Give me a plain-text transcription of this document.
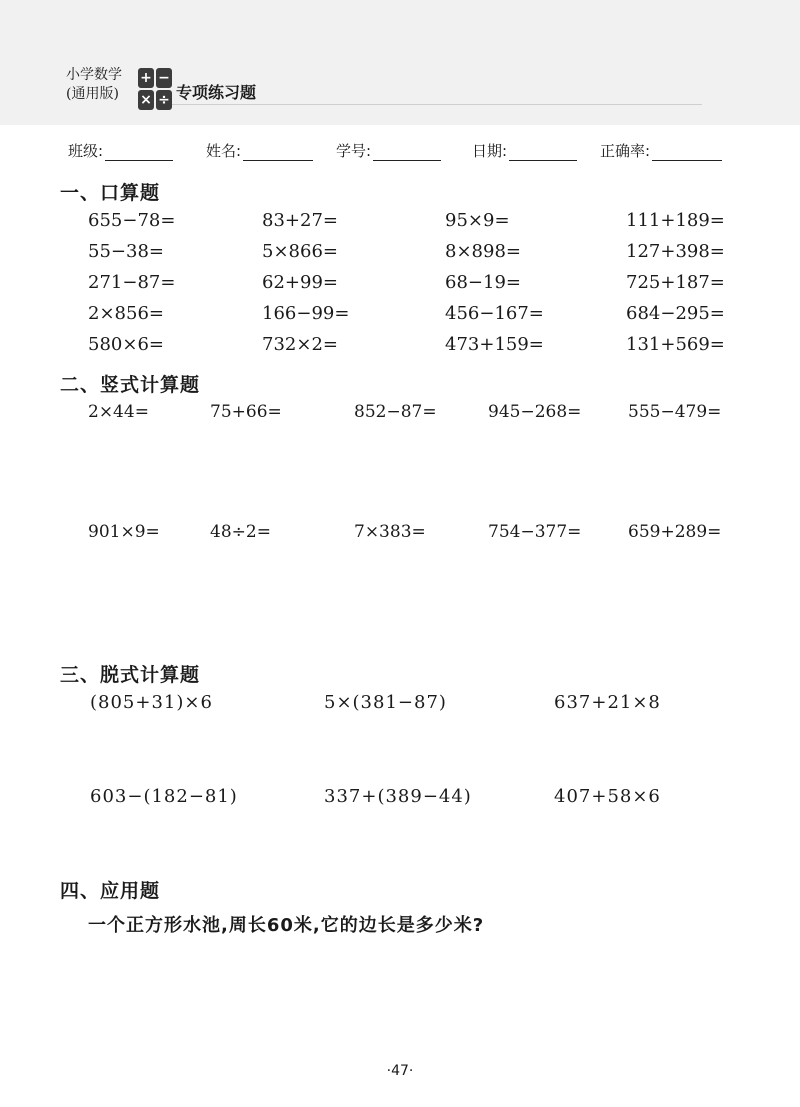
小学数学
(通用版)
+ −
× ÷ 专项练习题
班级:	姓名:	学号:	日期:	正确率:
一、口算题
655−78=	83+27=	95×9=	111+189=
55−38=	5×866=	8×898=	127+398=
271−87=	62+99=	68−19=	725+187=
2×856=	166−99=	456−167=	684−295=
580×6=	732×2=	473+159=	131+569=
二、竖式计算题
2×44=	75+66=	852−87=	945−268=	555−479=
901×9=	48÷2=	7×383=	754−377=	659+289=
三、脱式计算题
(805+31)×6	5×(381−87)	637+21×8
603−(182−81)	337+(389−44)	407+58×6
四、应用题
一个正方形水池,周长60米,它的边长是多少米?
·47·
